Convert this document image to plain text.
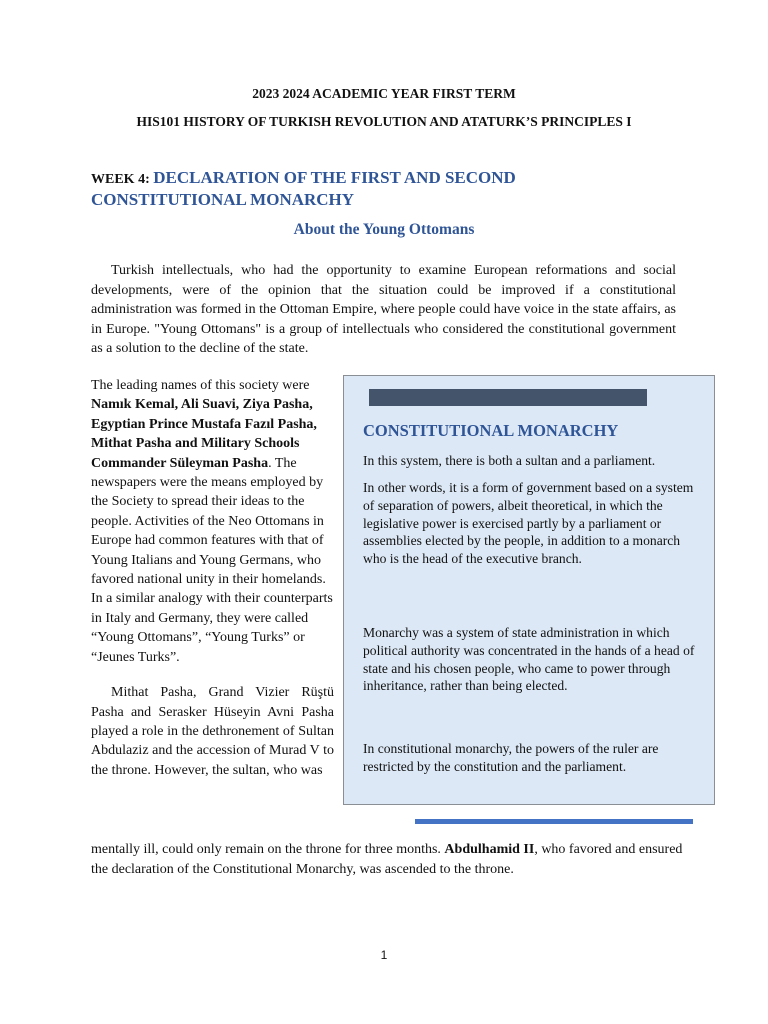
2023 2024 ACADEMIC YEAR FIRST TERM
HIS101 HISTORY OF TURKISH REVOLUTION AND ATATURK’S PRINCIPLES I
WEEK 4: DECLARATION OF THE FIRST AND SECOND
CONSTITUTIONAL MONARCHY
About the Young Ottomans

Turkish intellectuals, who had the opportunity to examine European reformations and social developments, were of the opinion that the situation could be improved if a constitutional administration was formed in the Ottoman Empire, where people could have voice in the state affairs, as in Europe. "Young Ottomans" is a group of intellectuals who considered the constitutional government as a solution to the decline of the state.

The leading names of this society were Namık Kemal, Ali Suavi, Ziya Pasha, Egyptian Prince Mustafa Fazıl Pasha, Mithat Pasha and Military Schools Commander Süleyman Pasha. The newspapers were the means employed by the Society to spread their ideas to the people. Activities of the Neo Ottomans in Europe had common features with that of Young Italians and Young Germans, who favored national unity in their homelands. In a similar analogy with their counterparts in Italy and Germany, they were called “Young Ottomans”, “Young Turks” or “Jeunes Turks”.

Mithat Pasha, Grand Vizier Rüştü Pasha and Serasker Hüseyin Avni Pasha played a role in the dethronement of Sultan Abdulaziz and the accession of Murad V to the throne. However, the sultan, who was

mentally ill, could only remain on the throne for three months. Abdulhamid II, who favored and ensured the declaration of the Constitutional Monarchy, was ascended to the throne.

CONSTITUTIONAL MONARCHY

In this system, there is both a sultan and a parliament.

In other words, it is a form of government based on a system of separation of powers, albeit theoretical, in which the legislative power is exercised partly by a parliament or assemblies elected by the people, in addition to a monarch who is the head of the executive branch.

Monarchy was a system of state administration in which political authority was concentrated in the hands of a head of state and his chosen people, who came to power through inheritance, rather than being elected.

In constitutional monarchy, the powers of the ruler are restricted by the constitution and the parliament.

1
